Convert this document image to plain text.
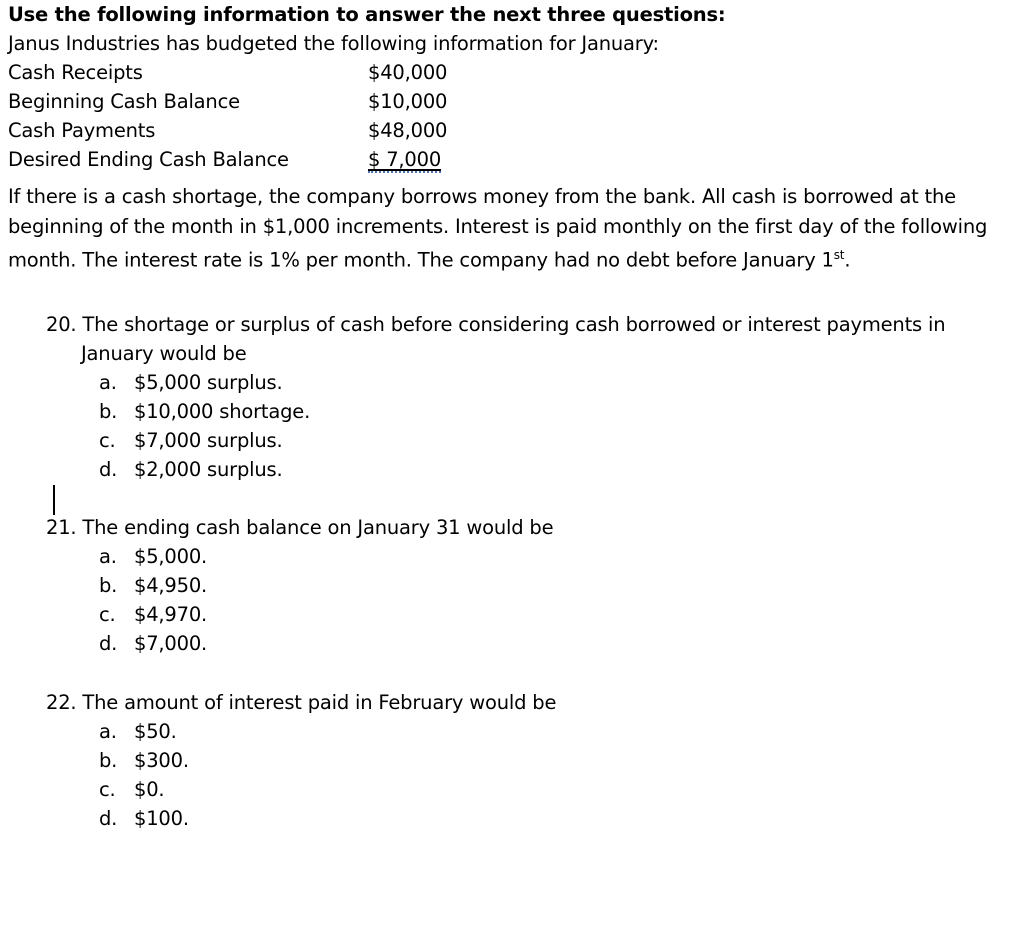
Use the following information to answer the next three questions:
Janus Industries has budgeted the following information for January:
Cash Receipts	$40,000
Beginning Cash Balance	$10,000
Cash Payments	$48,000
Desired Ending Cash Balance	$ 7,000
If there is a cash shortage, the company borrows money from the bank. All cash is borrowed at the beginning of the month in $1,000 increments. Interest is paid monthly on the first day of the following month. The interest rate is 1% per month. The company had no debt before January 1st.
20. The shortage or surplus of cash before considering cash borrowed or interest payments in January would be
a. $5,000 surplus.
b. $10,000 shortage.
c. $7,000 surplus.
d. $2,000 surplus.
21. The ending cash balance on January 31 would be
a. $5,000.
b. $4,950.
c. $4,970.
d. $7,000.
22. The amount of interest paid in February would be
a. $50.
b. $300.
c. $0.
d. $100.
